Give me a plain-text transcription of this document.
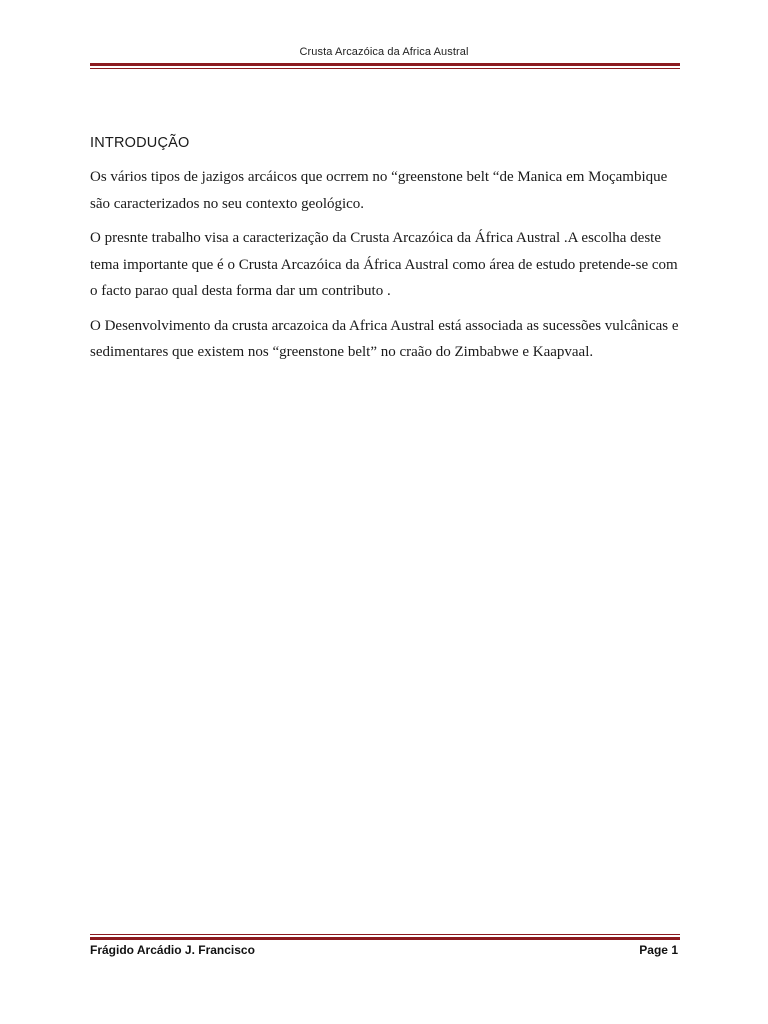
Crusta Arcazóica da Africa Austral
INTRODUÇÃO

Os vários tipos de jazigos arcáicos que ocrrem no “greenstone belt “de Manica em Moçambique são caracterizados no seu contexto geológico.

O presnte trabalho visa a caracterização da Crusta Arcazóica da África Austral .A escolha deste tema importante que é o Crusta Arcazóica da África Austral como área de estudo pretende-se com o facto parao qual desta forma dar um contributo .

O Desenvolvimento da crusta arcazoica da Africa Austral está associada as sucessões vulcânicas e sedimentares que existem nos “greenstone belt” no craão do Zimbabwe e Kaapvaal.

Frágido Arcádio J. Francisco	Page 1
